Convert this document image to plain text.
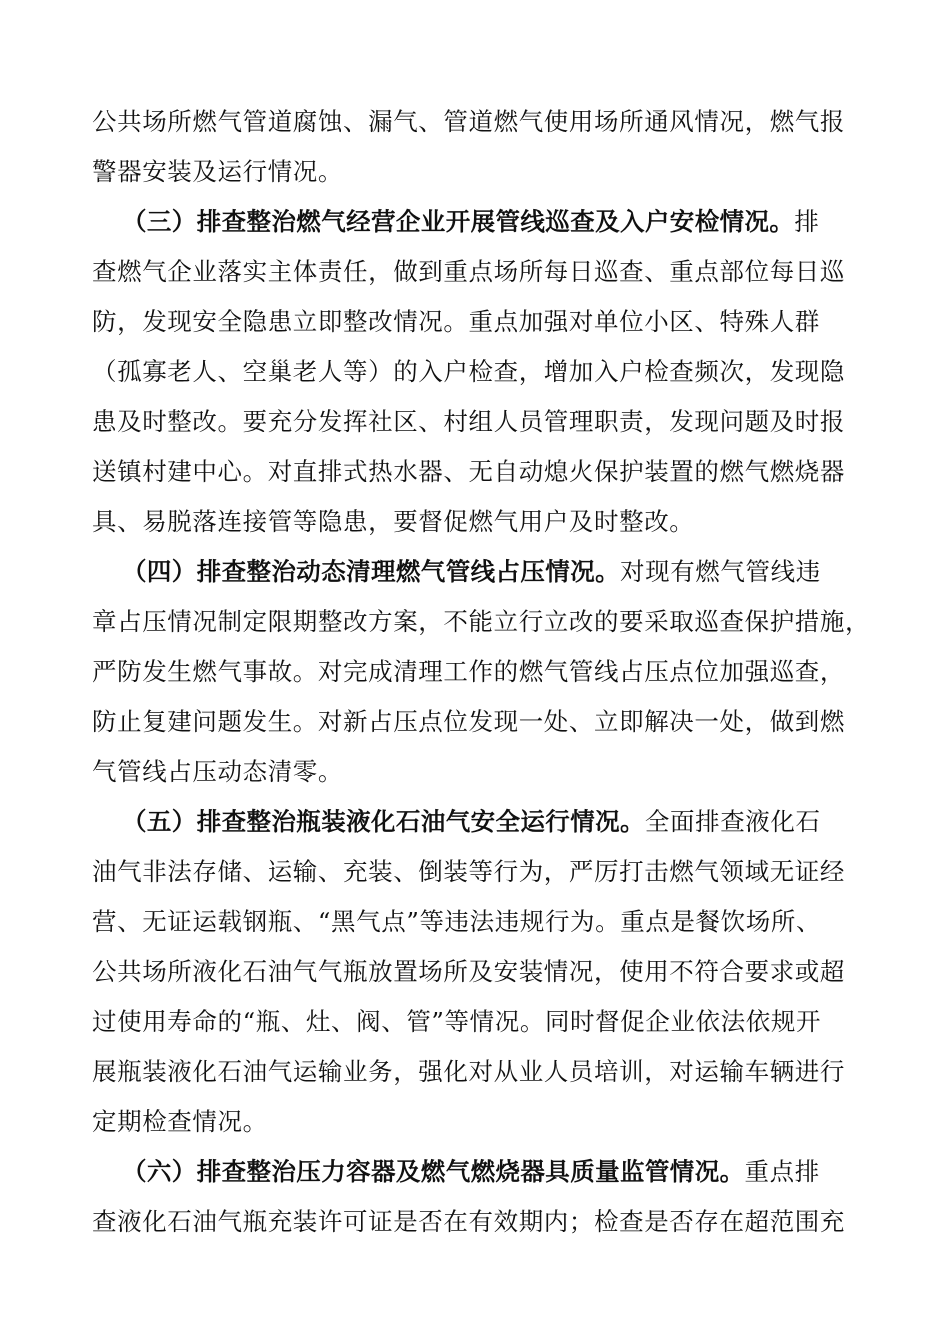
公共场所燃气管道腐蚀、漏气、管道燃气使用场所通风情况，燃气报
警器安装及运行情况。
（三）排查整治燃气经营企业开展管线巡查及入户安检情况。排
查燃气企业落实主体责任，做到重点场所每日巡查、重点部位每日巡
防，发现安全隐患立即整改情况。重点加强对单位小区、特殊人群
（孤寡老人、空巢老人等）的入户检查，增加入户检查频次，发现隐
患及时整改。要充分发挥社区、村组人员管理职责，发现问题及时报
送镇村建中心。对直排式热水器、无自动熄火保护装置的燃气燃烧器
具、易脱落连接管等隐患，要督促燃气用户及时整改。
（四）排查整治动态清理燃气管线占压情况。对现有燃气管线违
章占压情况制定限期整改方案，不能立行立改的要采取巡查保护措施，
严防发生燃气事故。对完成清理工作的燃气管线占压点位加强巡查，
防止复建问题发生。对新占压点位发现一处、立即解决一处，做到燃
气管线占压动态清零。
（五）排查整治瓶装液化石油气安全运行情况。全面排查液化石
油气非法存储、运输、充装、倒装等行为，严厉打击燃气领域无证经
营、无证运载钢瓶、“黑气点”等违法违规行为。重点是餐饮场所、
公共场所液化石油气气瓶放置场所及安装情况，使用不符合要求或超
过使用寿命的“瓶、灶、阀、管”等情况。同时督促企业依法依规开
展瓶装液化石油气运输业务，强化对从业人员培训，对运输车辆进行
定期检查情况。
（六）排查整治压力容器及燃气燃烧器具质量监管情况。重点排
查液化石油气瓶充装许可证是否在有效期内；检查是否存在超范围充
